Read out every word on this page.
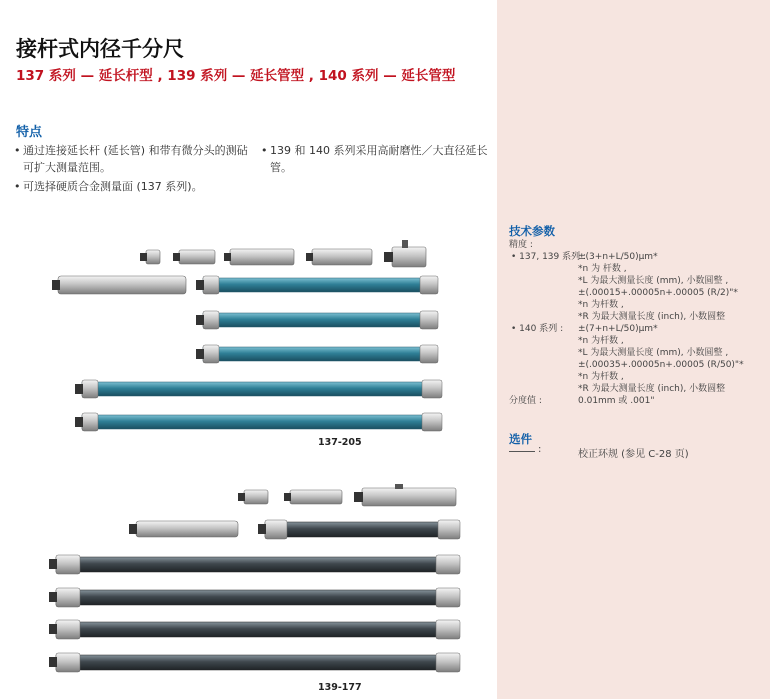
接杆式内径千分尺
137 系列 — 延长杆型 , 139 系列 — 延长管型 , 140 系列 — 延长管型
特点
• 通过连接延长杆 (延长管) 和带有微分头的测砧可扩大测量范围。
• 可选择硬质合金测量面 (137 系列)。
• 139 和 140 系列采用高耐磨性／大直径延长管。
技术参数
精度 :
• 137, 139 系列 :
±(3+n+L/50)μm*
*n 为 杆数 ,
*L 为最大测量长度 (mm), 小数圆整 ,
±(.00015+.00005n+.00005 (R/2)"*
*n 为杆数 ,
*R 为最大测量长度 (inch), 小数圆整
• 140 系列 : ±(7+n+L/50)μm*
*n 为杆数 ,
*L 为最大测量长度 (mm), 小数圆整 ,
±(.00035+.00005n+.00005 (R/50)"*
*n 为杆数 ,
*R 为最大测量长度 (inch), 小数圆整
分度值 :	0.01mm 或 .001"
选件
:	校正环规 (参见 C-28 页)
137-205
139-177
